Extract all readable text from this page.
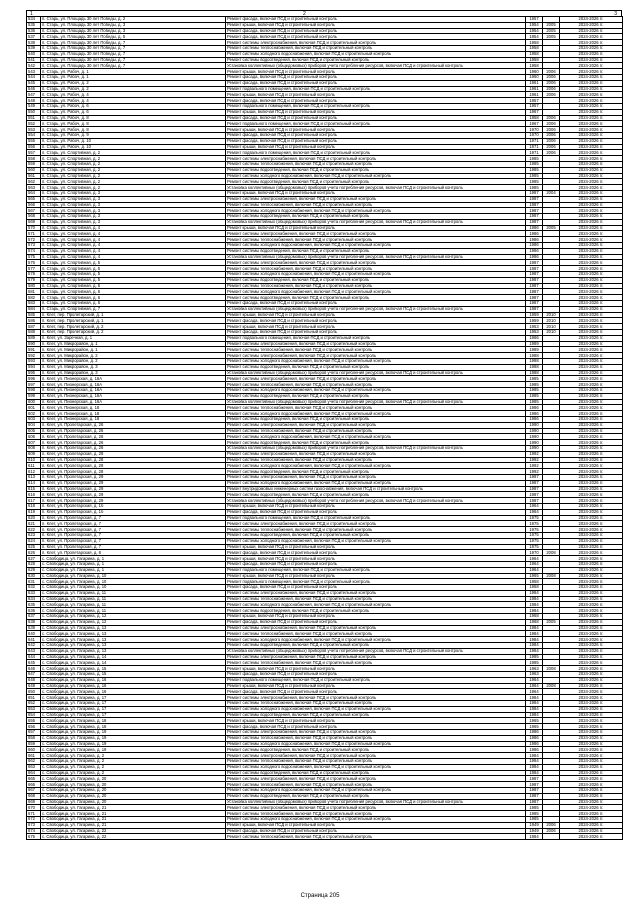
1	2	3
534	п. Старь, ул. Площадь 30 лет Победы, д. 2	Ремонт фасада, включая ПСД и строительный контроль	1957		2024-2026 гг.
535	п. Старь, ул. Площадь 30 лет Победы, д. 3	Ремонт крыши, включая ПСД и строительный контроль	1954	2005	2024-2026 гг.
536	п. Старь, ул. Площадь 30 лет Победы, д. 3	Ремонт фасада, включая ПСД и строительный контроль	1954	2005	2024-2026 гг.
537	п. Старь, ул. Площадь 30 лет Победы, д. 5	Ремонт фасада, включая ПСД и строительный контроль	1954	2005	2024-2026 гг.
538	п. Старь, ул. Площадь 30 лет Победы, д. 7	Ремонт системы электроснабжения, включая ПСД и строительный контроль	1958		2024-2026 гг.
539	п. Старь, ул. Площадь 30 лет Победы, д. 7	Ремонт системы теплоснабжения, включая ПСД и строительный контроль	1958		2024-2026 гг.
540	п. Старь, ул. Площадь 30 лет Победы, д. 7	Ремонт системы холодного водоснабжения, включая ПСД и строительный контроль	1958		2024-2026 гг.
541	п. Старь, ул. Площадь 30 лет Победы, д. 7	Ремонт системы водоотведения, включая ПСД и строительный контроль	1958		2024-2026 гг.
542	п. Старь, ул. Площадь 30 лет Победы, д. 7	Установка коллективных (общедомовых) приборов учета потребления ресурсов, включая ПСД и строительный контроль	1958		2024-2026 гг.
543	п. Старь, ул. Рабоч, д. 1	Ремонт крыши, включая ПСД и строительный контроль	1960	2006	2024-2026 гг.
544	п. Старь, ул. Рабоч, д. 1	Ремонт фасада, включая ПСД и строительный контроль	1960	2006	2024-2026 гг.
545	п. Старь, ул. Рабоч, д. 2	Ремонт фасада, включая ПСД и строительный контроль	1961	2006	2024-2026 гг.
546	п. Старь, ул. Рабоч, д. 2	Ремонт подвального помещения, включая ПСД и строительный контроль	1961	2006	2024-2026 гг.
547	п. Старь, ул. Рабоч, д. 4	Ремонт крыши, включая ПСД и строительный контроль	1961	2006	2024-2026 гг.
548	п. Старь, ул. Рабоч, д. 4	Ремонт фасада, включая ПСД и строительный контроль	1957		2024-2026 гг.
549	п. Старь, ул. Рабоч, д. 6	Ремонт подвального помещения, включая ПСД и строительный контроль	1957		2024-2026 гг.
550	п. Старь, ул. Рабоч, д. 6	Ремонт крыши, включая ПСД и строительный контроль	1967		2024-2026 гг.
551	п. Старь, ул. Рабоч, д. 8	Ремонт фасада, включая ПСД и строительный контроль	1958	2006	2024-2026 гг.
552	п. Старь, ул. Рабоч, д. 8	Ремонт подвального помещения, включая ПСД и строительный контроль	1967	2006	2024-2026 гг.
553	п. Старь, ул. Рабоч, д. 8	Ремонт крыши, включая ПСД и строительный контроль	1970	2006	2024-2026 гг.
554	п. Старь, ул. Рабоч, д. 9	Ремонт фасада, включая ПСД и строительный контроль	1970	2006	2024-2026 гг.
555	п. Старь, ул. Рабоч, д. 10	Ремонт фасада, включая ПСД и строительный контроль	1971	2006	2024-2026 гг.
556	п. Старь, ул. Рабоч, д. 10	Ремонт крыши, включая ПСД и строительный контроль	1971	2006	2024-2026 гг.
557	п. Старь, ул. Спортивная, д. 2	Ремонт подвального помещения, включая ПСД и строительный контроль	1971	2006	2024-2026 гг.
558	п. Старь, ул. Спортивная, д. 2	Ремонт системы электроснабжения, включая ПСД и строительный контроль	1985		2024-2026 гг.
559	п. Старь, ул. Спортивная, д. 2	Ремонт системы теплоснабжения, включая ПСД и строительный контроль	1985		2024-2026 гг.
560	п. Старь, ул. Спортивная, д. 2	Ремонт системы водоотведения, включая ПСД и строительный контроль	1985		2024-2026 гг.
561	п. Старь, ул. Спортивная, д. 2	Ремонт системы холодного водоснабжения, включая ПСД и строительный контроль	1985		2024-2026 гг.
562	п. Старь, ул. Спортивная, д. 2	Ремонт системы водоотведения, включая ПСД и строительный контроль	1985		2024-2026 гг.
563	п. Старь, ул. Спортивная, д. 2	Установка коллективных (общедомовых) приборов учета потребления ресурсов, включая ПСД и строительный контроль	1985		2024-2026 гг.
564	п. Старь, ул. Спортивная, д. 3	Ремонт крыши, включая ПСД и строительный контроль	1987	2004	2024-2026 гг.
565	п. Старь, ул. Спортивная, д. 3	Ремонт системы электроснабжения, включая ПСД и строительный контроль	1987		2024-2026 гг.
566	п. Старь, ул. Спортивная, д. 3	Ремонт системы теплоснабжения, включая ПСД и строительный контроль	1987		2024-2026 гг.
567	п. Старь, ул. Спортивная, д. 3	Ремонт системы холодного водоснабжения, включая ПСД и строительный контроль	1987		2024-2026 гг.
568	п. Старь, ул. Спортивная, д. 3	Ремонт системы водоотведения, включая ПСД и строительный контроль	1987		2024-2026 гг.
569	п. Старь, ул. Спортивная, д. 3	Установка коллективных (общедомовых) приборов учета потребления ресурсов, включая ПСД и строительный контроль	1987		2024-2026 гг.
570	п. Старь, ул. Спортивная, д. 4	Ремонт крыши, включая ПСД и строительный контроль	1986	2005	2024-2026 гг.
571	п. Старь, ул. Спортивная, д. 4	Ремонт системы электроснабжения, включая ПСД и строительный контроль	1986		2024-2026 гг.
572	п. Старь, ул. Спортивная, д. 4	Ремонт системы теплоснабжения, включая ПСД и строительный контроль	1986		2024-2026 гг.
573	п. Старь, ул. Спортивная, д. 4	Ремонт системы холодного водоснабжения, включая ПСД и строительный контроль	1986		2024-2026 гг.
574	п. Старь, ул. Спортивная, д. 4	Ремонт системы водоотведения, включая ПСД и строительный контроль	1986		2024-2026 гг.
575	п. Старь, ул. Спортивная, д. 4	Установка коллективных (общедомовых) приборов учета потребления ресурсов, включая ПСД и строительный контроль	1986		2024-2026 гг.
576	п. Старь, ул. Спортивная, д. 5	Ремонт системы электроснабжения, включая ПСД и строительный контроль	1987		2024-2026 гг.
577	п. Старь, ул. Спортивная, д. 5	Ремонт системы теплоснабжения, включая ПСД и строительный контроль	1987		2024-2026 гг.
578	п. Старь, ул. Спортивная, д. 5	Ремонт системы холодного водоснабжения, включая ПСД и строительный контроль	1987		2024-2026 гг.
579	п. Старь, ул. Спортивная, д. 5	Ремонт системы водоотведения, включая ПСД и строительный контроль	1987		2024-2026 гг.
580	п. Старь, ул. Спортивная, д. 6	Ремонт системы теплоснабжения, включая ПСД и строительный контроль	1987		2024-2026 гг.
581	п. Старь, ул. Спортивная, д. 6	Ремонт системы холодного водоснабжения, включая ПСД и строительный контроль	1987		2024-2026 гг.
582	п. Старь, ул. Спортивная, д. 6	Ремонт системы водоотведения, включая ПСД и строительный контроль	1987		2024-2026 гг.
583	п. Старь, ул. Спортивная, д. 6	Ремонт фасада, включая ПСД и строительный контроль	1987		2024-2026 гг.
584	п. Старь, ул. Спортивная, д. 7	Установка коллективных (общедомовых) приборов учета потребления ресурсов, включая ПСД и строительный контроль	1987		2024-2026 гг.
585	п. Клет, пер. Пролетарский, д. 1	Ремонт крыши, включая ПСД и строительный контроль	1959	2010	2024-2026 гг.
586	п. Клет, пер. Пролетарский, д. 1	Ремонт фасада, включая ПСД и строительный контроль	1959	2010	2024-2026 гг.
587	п. Клет, пер. Пролетарский, д. 2	Ремонт крыши, включая ПСД и строительный контроль	1953	2010	2024-2026 гг.
588	п. Клет, пер. Пролетарский, д. 2	Ремонт фасада, включая ПСД и строительный контроль	1953	2010	2024-2026 гг.
589	п. Клет, ул. Заречная, д. 1	Ремонт подвального помещения, включая ПСД и строительный контроль	1966		2024-2026 гг.
590	п. Клет, ул. Микрорайон, д. 1	Ремонт системы электроснабжения, включая ПСД и строительный контроль	1989		2024-2026 гг.
591	п. Клет, ул. Микрорайон, д. 1	Ремонт системы теплоснабжения, включая ПСД и строительный контроль	1989		2024-2026 гг.
592	п. Клет, ул. Микрорайон, д. 2	Ремонт системы электроснабжения, включая ПСД и строительный контроль	1988		2024-2026 гг.
593	п. Клет, ул. Микрорайон, д. 2	Ремонт системы холодного водоснабжения, включая ПСД и строительный контроль	1988		2024-2026 гг.
594	п. Клет, ул. Микрорайон, д. 3	Ремонт системы водоотведения, включая ПСД и строительный контроль	1988		2024-2026 гг.
595	п. Клет, ул. Микрорайон, д. 3	Установка коллективных (общедомовых) приборов учета потребления ресурсов, включая ПСД и строительный контроль	1988		2024-2026 гг.
596	п. Клет, ул. Пионерская, д. 16А	Ремонт системы электроснабжения, включая ПСД и строительный контроль	1985		2024-2026 гг.
597	п. Клет, ул. Пионерская, д. 16А	Ремонт системы теплоснабжения, включая ПСД и строительный контроль	1985		2024-2026 гг.
598	п. Клет, ул. Пионерская, д. 16А	Ремонт системы холодного водоснабжения, включая ПСД и строительный контроль	1985		2024-2026 гг.
599	п. Клет, ул. Пионерская, д. 16А	Ремонт системы водоотведения, включая ПСД и строительный контроль	1985		2024-2026 гг.
600	п. Клет, ул. Пионерская, д. 16А	Установка коллективных (общедомовых) приборов учета потребления ресурсов, включая ПСД и строительный контроль	1985		2024-2026 гг.
601	п. Клет, ул. Пионерская, д. 18	Ремонт системы теплоснабжения, включая ПСД и строительный контроль	1986		2024-2026 гг.
602	п. Клет, ул. Пионерская, д. 18	Ремонт системы холодного водоснабжения, включая ПСД и строительный контроль	1986		2024-2026 гг.
603	п. Клет, ул. Пионерская, д. 18	Ремонт системы водоотведения, включая ПСД и строительный контроль	1986		2024-2026 гг.
604	п. Клет, ул. Пролетарская, д. 26	Ремонт системы электроснабжения, включая ПСД и строительный контроль	1990		2024-2026 гг.
605	п. Клет, ул. Пролетарская, д. 26	Ремонт системы теплоснабжения, включая ПСД и строительный контроль	1990		2024-2026 гг.
606	п. Клет, ул. Пролетарская, д. 26	Ремонт системы холодного водоснабжения, включая ПСД и строительный контроль	1990		2024-2026 гг.
607	п. Клет, ул. Пролетарская, д. 26	Ремонт системы водоотведения, включая ПСД и строительный контроль	1990		2024-2026 гг.
608	п. Клет, ул. Пролетарская, д. 26	Установка коллективных (общедомовых) приборов учета потребления ресурсов, включая ПСД и строительный контроль	1990		2024-2026 гг.
609	п. Клет, ул. Пролетарская, д. 28	Ремонт системы электроснабжения, включая ПСД и строительный контроль	1992		2024-2026 гг.
610	п. Клет, ул. Пролетарская, д. 28	Ремонт системы теплоснабжения, включая ПСД и строительный контроль	1992		2024-2026 гг.
611	п. Клет, ул. Пролетарская, д. 28	Ремонт системы холодного водоснабжения, включая ПСД и строительный контроль	1992		2024-2026 гг.
612	п. Клет, ул. Пролетарская, д. 28	Ремонт системы водоотведения, включая ПСД и строительный контроль	1992		2024-2026 гг.
613	п. Клет, ул. Пролетарская, д. 29	Ремонт системы электроснабжения, включая ПСД и строительный контроль	1987		2024-2026 гг.
614	п. Клет, ул. Пролетарская, д. 29	Ремонт системы холодного водоснабжения, включая ПСД и строительный контроль	1987		2024-2026 гг.
615	п. Клет, ул. Пролетарская, д. 29	Ремонт внутридомовых инженерных систем газоснабжения, включая ПСД и строительный контроль	1987		2024-2026 гг.
616	п. Клет, ул. Пролетарская, д. 29	Ремонт системы водоотведения, включая ПСД и строительный контроль	1987		2024-2026 гг.
617	п. Клет, ул. Пролетарская, д. 29	Установка коллективных (общедомовых) приборов учета потребления ресурсов, включая ПСД и строительный контроль	1987		2024-2026 гг.
618	п. Клет, ул. Пролетарская, д. 1б	Ремонт крыши, включая ПСД и строительный контроль	1964		2024-2026 гг.
619	п. Клет, ул. Пролетарская, д. 1б	Ремонт фасада, включая ПСД и строительный контроль	1964		2024-2026 гг.
620	п. Клет, ул. Пролетарская, д. 7	Ремонт подвального помещения, включая ПСД и строительный контроль	1975		2024-2026 гг.
621	п. Клет, ул. Пролетарская, д. 7	Ремонт системы электроснабжения, включая ПСД и строительный контроль	1975		2024-2026 гг.
622	п. Клет, ул. Пролетарская, д. 7	Ремонт системы теплоснабжения, включая ПСД и строительный контроль	1975		2024-2026 гг.
623	п. Клет, ул. Пролетарская, д. 7	Ремонт системы водоотведения, включая ПСД и строительный контроль	1975		2024-2026 гг.
624	п. Клет, ул. Пролетарская, д. 7	Ремонт системы холодного водоснабжения, включая ПСД и строительный контроль	1975		2024-2026 гг.
625	п. Клет, ул. Пролетарская, д. 7	Ремонт крыши, включая ПСД и строительный контроль	1975		2024-2026 гг.
626	п. Клет, ул. Пролетарская, д. 8	Ремонт фасада, включая ПСД и строительный контроль	1970	2008	2024-2026 гг.
627	с. Свободица, ул. Гагарина, д. 1	Ремонт крыши, включая ПСД и строительный контроль	1964		2024-2026 гг.
628	с. Свободица, ул. Гагарина, д. 1	Ремонт фасада, включая ПСД и строительный контроль	1964		2024-2026 гг.
629	с. Свободица, ул. Гагарина, д. 1	Ремонт подвального помещения, включая ПСД и строительный контроль	1964		2024-2026 гг.
630	с. Свободица, ул. Гагарина, д. 10	Ремонт крыши, включая ПСД и строительный контроль	1965	2008	2024-2026 гг.
631	с. Свободица, ул. Гагарина, д. 10	Ремонт подвального помещения, включая ПСД и строительный контроль	1958		2024-2026 гг.
632	с. Свободица, ул. Гагарина, д. 10	Ремонт фасада, включая ПСД и строительный контроль	1958		2024-2026 гг.
633	с. Свободица, ул. Гагарина, д. 11	Ремонт системы электроснабжения, включая ПСД и строительный контроль	1984		2024-2026 гг.
634	с. Свободица, ул. Гагарина, д. 11	Ремонт системы теплоснабжения, включая ПСД и строительный контроль	1984		2024-2026 гг.
635	с. Свободица, ул. Гагарина, д. 11	Ремонт системы холодного водоснабжения, включая ПСД и строительный контроль	1984		2024-2026 гг.
636	с. Свободица, ул. Гагарина, д. 11	Ремонт системы водоотведения, включая ПСД и строительный контроль	1984		2024-2026 гг.
637	с. Свободица, ул. Гагарина, д. 12	Ремонт крыши, включая ПСД и строительный контроль	1968		2024-2026 гг.
638	с. Свободица, ул. Гагарина, д. 12	Ремонт фасада, включая ПСД и строительный контроль	1968	2005	2024-2026 гг.
639	с. Свободица, ул. Гагарина, д. 13	Ремонт системы электроснабжения, включая ПСД и строительный контроль	1984		2024-2026 гг.
640	с. Свободица, ул. Гагарина, д. 13	Ремонт системы теплоснабжения, включая ПСД и строительный контроль	1984		2024-2026 гг.
641	с. Свободица, ул. Гагарина, д. 13	Ремонт системы холодного водоснабжения, включая ПСД и строительный контроль	1984		2024-2026 гг.
642	с. Свободица, ул. Гагарина, д. 13	Ремонт системы водоотведения, включая ПСД и строительный контроль	1984		2024-2026 гг.
643	с. Свободица, ул. Гагарина, д. 13	Установка коллективных (общедомовых) приборов учета потребления ресурсов, включая ПСД и строительный контроль	1984		2024-2026 гг.
644	с. Свободица, ул. Гагарина, д. 14	Ремонт системы электроснабжения, включая ПСД и строительный контроль	1985		2024-2026 гг.
645	с. Свободица, ул. Гагарина, д. 14	Ремонт системы теплоснабжения, включая ПСД и строительный контроль	1985		2024-2026 гг.
646	с. Свободица, ул. Гагарина, д. 15	Ремонт крыши, включая ПСД и строительный контроль	1963	2008	2024-2026 гг.
647	с. Свободица, ул. Гагарина, д. 15	Ремонт фасада, включая ПСД и строительный контроль	1963		2024-2026 гг.
648	с. Свободица, ул. Гагарина, д. 16	Ремонт подвального помещения, включая ПСД и строительный контроль	1964		2024-2026 гг.
649	с. Свободица, ул. Гагарина, д. 16	Ремонт крыши, включая ПСД и строительный контроль	1964	2008	2024-2026 гг.
650	с. Свободица, ул. Гагарина, д. 16	Ремонт фасада, включая ПСД и строительный контроль	1964		2024-2026 гг.
651	с. Свободица, ул. Гагарина, д. 17	Ремонт системы электроснабжения, включая ПСД и строительный контроль	1984		2024-2026 гг.
652	с. Свободица, ул. Гагарина, д. 17	Ремонт системы теплоснабжения, включая ПСД и строительный контроль	1984		2024-2026 гг.
653	с. Свободица, ул. Гагарина, д. 17	Ремонт системы холодного водоснабжения, включая ПСД и строительный контроль	1984		2024-2026 гг.
654	с. Свободица, ул. Гагарина, д. 17	Ремонт системы водоотведения, включая ПСД и строительный контроль	1984		2024-2026 гг.
655	с. Свободица, ул. Гагарина, д. 18	Ремонт крыши, включая ПСД и строительный контроль	1965		2024-2026 гг.
656	с. Свободица, ул. Гагарина, д. 18	Ремонт фасада, включая ПСД и строительный контроль	1965		2024-2026 гг.
657	с. Свободица, ул. Гагарина, д. 19	Ремонт системы электроснабжения, включая ПСД и строительный контроль	1986		2024-2026 гг.
658	с. Свободица, ул. Гагарина, д. 19	Ремонт системы теплоснабжения, включая ПСД и строительный контроль	1986		2024-2026 гг.
659	с. Свободица, ул. Гагарина, д. 19	Ремонт системы холодного водоснабжения, включая ПСД и строительный контроль	1986		2024-2026 гг.
660	с. Свободица, ул. Гагарина, д. 19	Ремонт системы водоотведения, включая ПСД и строительный контроль	1986		2024-2026 гг.
661	с. Свободица, ул. Гагарина, д. 2	Ремонт системы электроснабжения, включая ПСД и строительный контроль	1984		2024-2026 гг.
662	с. Свободица, ул. Гагарина, д. 2	Ремонт системы теплоснабжения, включая ПСД и строительный контроль	1984		2024-2026 гг.
663	с. Свободица, ул. Гагарина, д. 2	Ремонт системы холодного водоснабжения, включая ПСД и строительный контроль	1984		2024-2026 гг.
664	с. Свободица, ул. Гагарина, д. 2	Ремонт системы водоотведения, включая ПСД и строительный контроль	1984		2024-2026 гг.
665	с. Свободица, ул. Гагарина, д. 20	Ремонт системы электроснабжения, включая ПСД и строительный контроль	1987		2024-2026 гг.
666	с. Свободица, ул. Гагарина, д. 20	Ремонт системы теплоснабжения, включая ПСД и строительный контроль	1987		2024-2026 гг.
667	с. Свободица, ул. Гагарина, д. 20	Ремонт системы холодного водоснабжения, включая ПСД и строительный контроль	1987		2024-2026 гг.
668	с. Свободица, ул. Гагарина, д. 20	Ремонт системы водоотведения, включая ПСД и строительный контроль	1987		2024-2026 гг.
669	с. Свободица, ул. Гагарина, д. 20	Установка коллективных (общедомовых) приборов учета потребления ресурсов, включая ПСД и строительный контроль	1987		2024-2026 гг.
670	с. Свободица, ул. Гагарина, д. 21	Ремонт системы электроснабжения, включая ПСД и строительный контроль	1985		2024-2026 гг.
671	с. Свободица, ул. Гагарина, д. 21	Ремонт системы теплоснабжения, включая ПСД и строительный контроль	1985		2024-2026 гг.
672	с. Свободица, ул. Гагарина, д. 21	Ремонт системы холодного водоснабжения, включая ПСД и строительный контроль	1985		2024-2026 гг.
673	с. Свободица, ул. Гагарина, д. 21	Ремонт крыши, включая ПСД и строительный контроль	1949	2006	2024-2026 гг.
674	с. Свободица, ул. Гагарина, д. 22	Ремонт фасада, включая ПСД и строительный контроль	1949	2006	2024-2026 гг.
675	с. Свободица, ул. Гагарина, д. 22	Ремонт системы теплоснабжения, включая ПСД и строительный контроль	1984		2024-2026 гг.
Страница 205
